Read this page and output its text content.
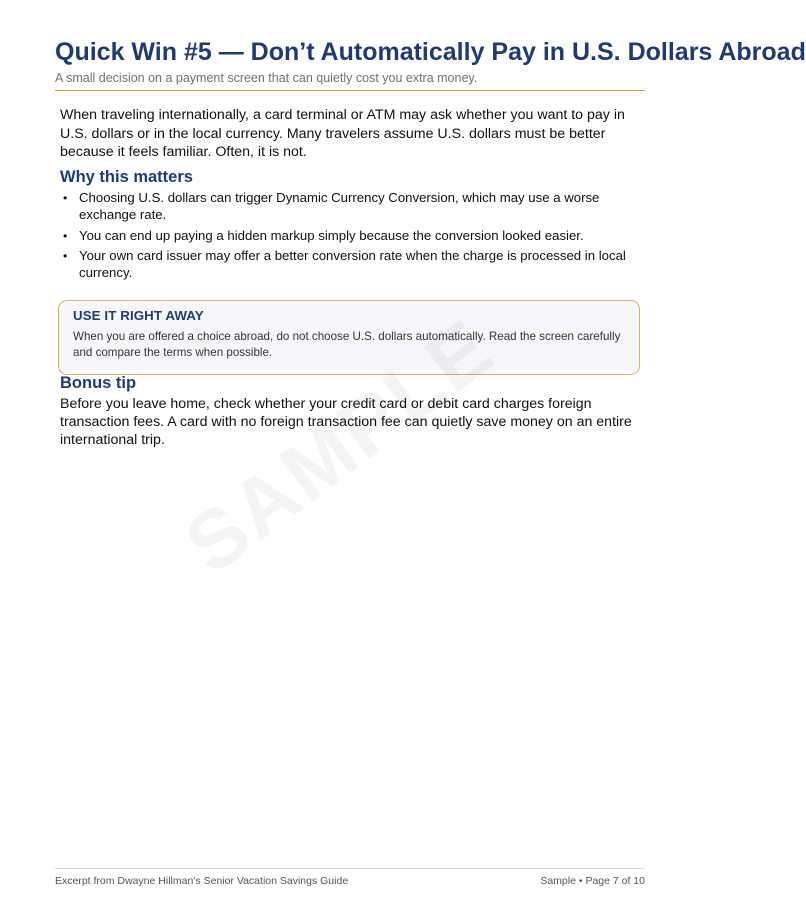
Quick Win #5 — Don’t Automatically Pay in U.S. Dollars Abroad
A small decision on a payment screen that can quietly cost you extra money.

When traveling internationally, a card terminal or ATM may ask whether you want to pay in U.S. dollars or in the local currency. Many travelers assume U.S. dollars must be better because it feels familiar. Often, it is not.

Why this matters
• Choosing U.S. dollars can trigger Dynamic Currency Conversion, which may use a worse exchange rate.
• You can end up paying a hidden markup simply because the conversion looked easier.
• Your own card issuer may offer a better conversion rate when the charge is processed in local currency.

USE IT RIGHT AWAY

When you are offered a choice abroad, do not choose U.S. dollars automatically. Read the screen carefully and compare the terms when possible.

Bonus tip

Before you leave home, check whether your credit card or debit card charges foreign transaction fees. A card with no foreign transaction fee can quietly save money on an entire international trip.

Excerpt from Dwayne Hillman’s Senior Vacation Savings Guide	Sample • Page 7 of 10
